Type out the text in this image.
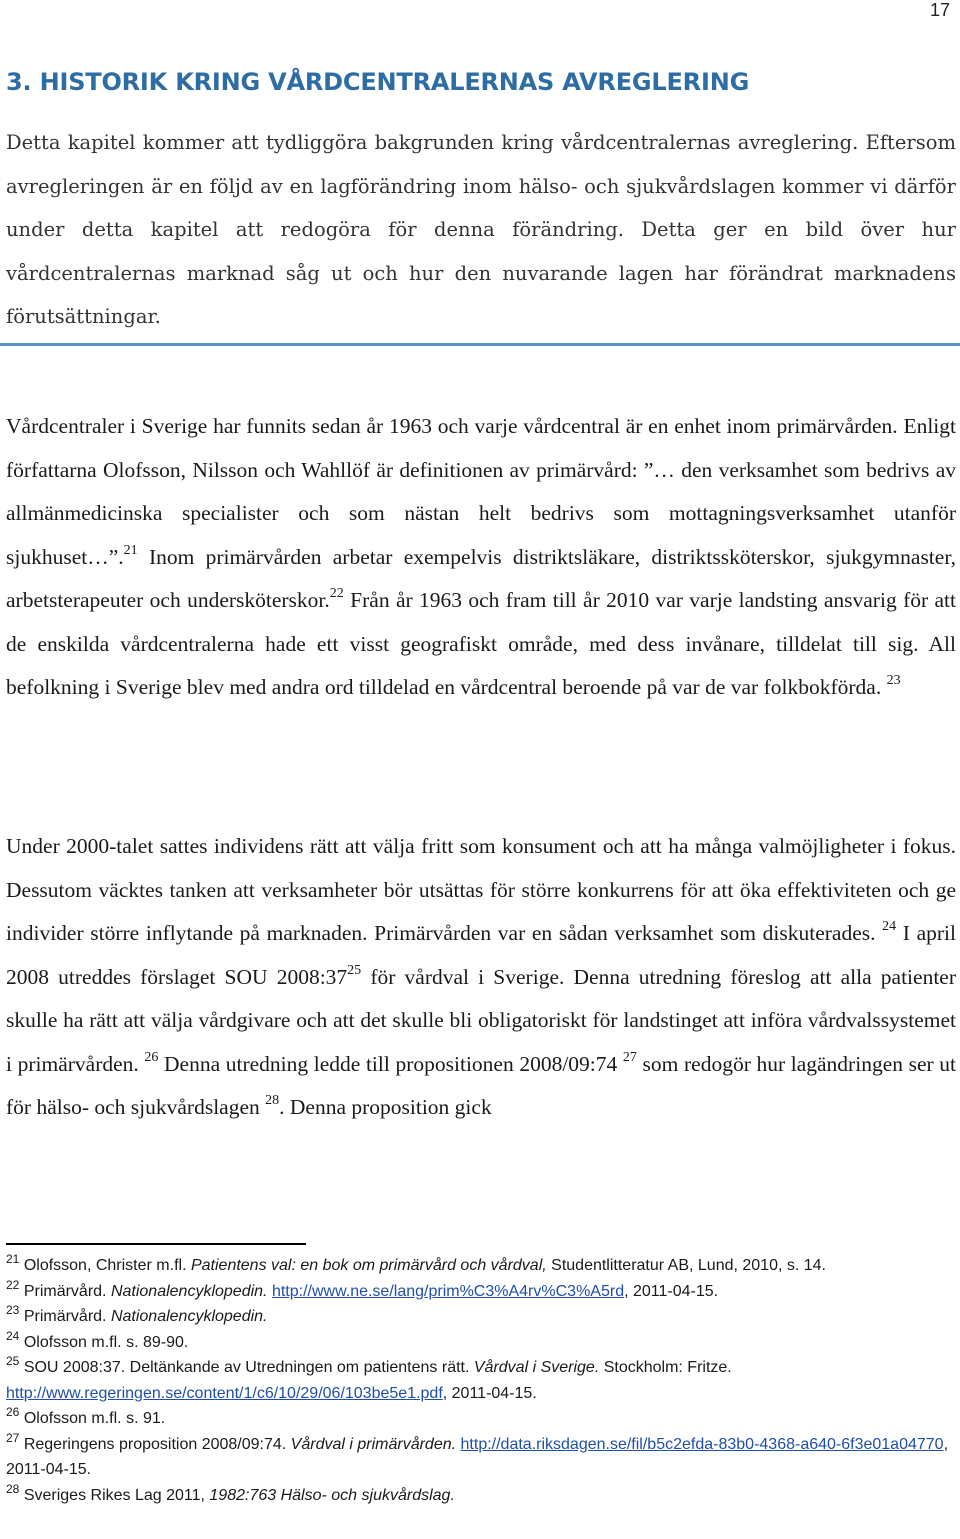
17
3. HISTORIK KRING VÅRDCENTRALERNAS AVREGLERING

Detta kapitel kommer att tydliggöra bakgrunden kring vårdcentralernas avreglering. Eftersom avregleringen är en följd av en lagförändring inom hälso- och sjukvårdslagen kommer vi därför under detta kapitel att redogöra för denna förändring. Detta ger en bild över hur vårdcentralernas marknad såg ut och hur den nuvarande lagen har förändrat marknadens förutsättningar.

Vårdcentraler i Sverige har funnits sedan år 1963 och varje vårdcentral är en enhet inom primärvården. Enligt författarna Olofsson, Nilsson och Wahllöf är definitionen av primärvård: ”… den verksamhet som bedrivs av allmänmedicinska specialister och som nästan helt bedrivs som mottagningsverksamhet utanför sjukhuset…”.$^{21}$ Inom primärvården arbetar exempelvis distriktsläkare, distriktssköterskor, sjukgymnaster, arbetsterapeuter och undersköterskor.$^{22}$ Från år 1963 och fram till år 2010 var varje landsting ansvarig för att de enskilda vårdcentralerna hade ett visst geografiskt område, med dess invånare, tilldelat till sig. All befolkning i Sverige blev med andra ord tilldelad en vårdcentral beroende på var de var folkbokförda. $^{23}$

Under 2000-talet sattes individens rätt att välja fritt som konsument och att ha många valmöjligheter i fokus. Dessutom väcktes tanken att verksamheter bör utsättas för större konkurrens för att öka effektiviteten och ge individer större inflytande på marknaden. Primärvården var en sådan verksamhet som diskuterades. $^{24}$ I april 2008 utreddes förslaget SOU $2008:37^{25}$ för vårdval i Sverige. Denna utredning föreslog att alla patienter skulle ha rätt att välja vårdgivare och att det skulle bli obligatoriskt för landstinget att införa vårdvalssystemet i primärvården. $^{26}$ Denna utredning ledde till propositionen 2008/09:74 $^{27}$ som redogör hur lagändringen ser ut för hälso- och sjukvårdslagen $^{28}$. Denna proposition gick

$^{21}$ Olofsson, Christer m.fl. Patientens val: en bok om primärvård och vårdval, Studentlitteratur AB, Lund, 2010, s. 14.
$^{22}$ Primärvård. Nationalencyklopedin. http://www.ne.se/lang/prim%C3%A4rv%C3%A5rd, 2011-04-15.
$^{23}$ Primärvård. Nationalencyklopedin.
$^{24}$ Olofsson m.fl. s. 89-90.
$^{25}$ SOU 2008:37. Deltänkande av Utredningen om patientens rätt. Vårdval i Sverige. Stockholm: Fritze.
http://www.regeringen.se/content/1/c6/10/29/06/103be5e1.pdf, 2011-04-15.
$^{26}$ Olofsson m.fl. s. 91.
$^{27}$ Regeringens proposition 2008/09:74. Vårdval i primärvården. http://data.riksdagen.se/fil/b5c2efda-83b0-4368-a640-6f3e01a04770, 2011-04-15.
$^{28}$ Sveriges Rikes Lag 2011, 1982:763 Hälso- och sjukvårdslag.
